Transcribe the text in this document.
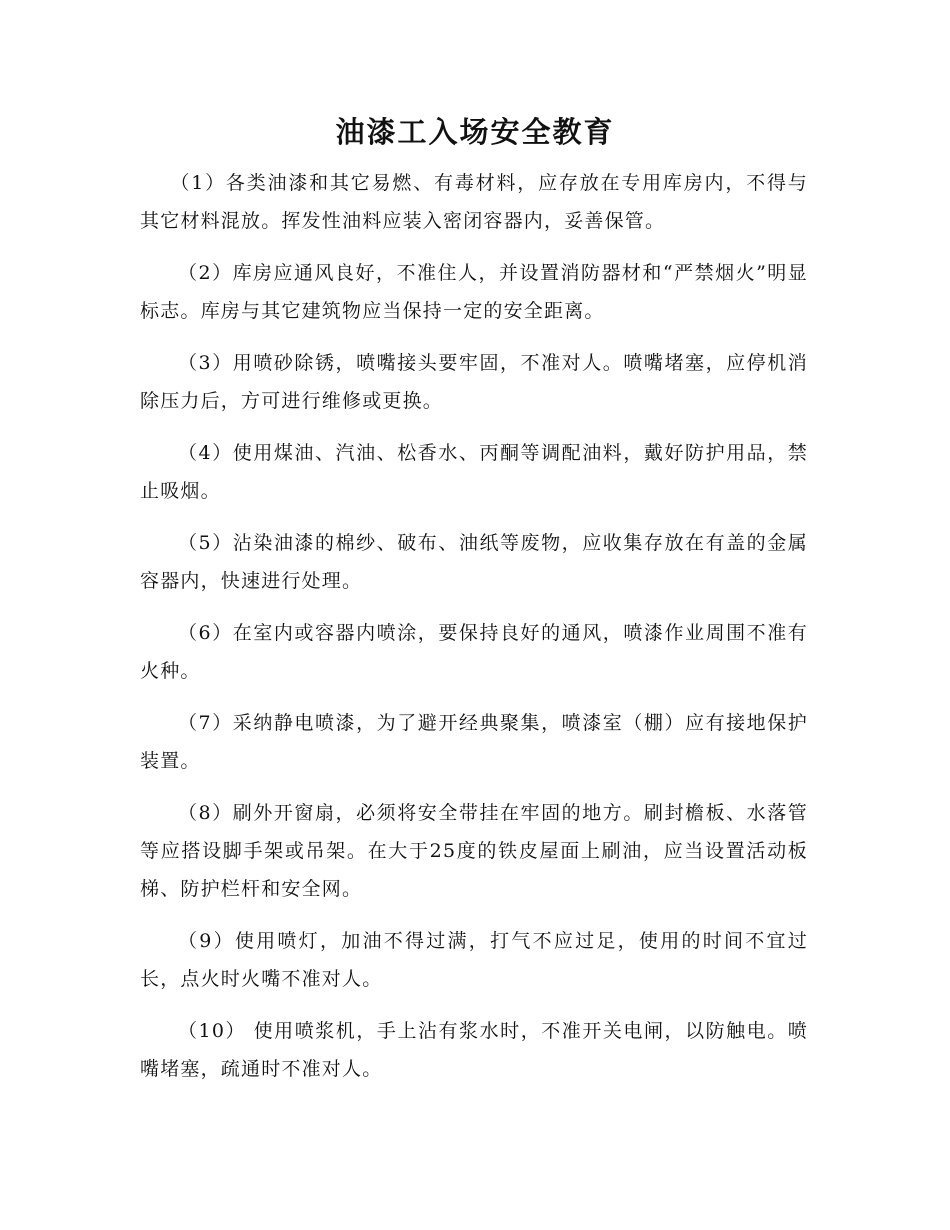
油漆工入场安全教育

（1）各类油漆和其它易燃、有毒材料，应存放在专用库房内，不得与其它材料混放。挥发性油料应装入密闭容器内，妥善保管。

（2）库房应通风良好，不准住人，并设置消防器材和“严禁烟火”明显标志。库房与其它建筑物应当保持一定的安全距离。

（3）用喷砂除锈，喷嘴接头要牢固，不准对人。喷嘴堵塞，应停机消除压力后，方可进行维修或更换。

（4）使用煤油、汽油、松香水、丙酮等调配油料，戴好防护用品，禁止吸烟。

（5）沾染油漆的棉纱、破布、油纸等废物，应收集存放在有盖的金属容器内，快速进行处理。

（6）在室内或容器内喷涂，要保持良好的通风，喷漆作业周围不准有火种。

（7）采纳静电喷漆，为了避开经典聚集，喷漆室（棚）应有接地保护装置。

（8）刷外开窗扇，必须将安全带挂在牢固的地方。刷封檐板、水落管等应搭设脚手架或吊架。在大于25度的铁皮屋面上刷油，应当设置活动板梯、防护栏杆和安全网。

（9）使用喷灯，加油不得过满，打气不应过足，使用的时间不宜过长，点火时火嘴不准对人。

（10） 使用喷浆机，手上沾有浆水时，不准开关电闸，以防触电。喷嘴堵塞，疏通时不准对人。
